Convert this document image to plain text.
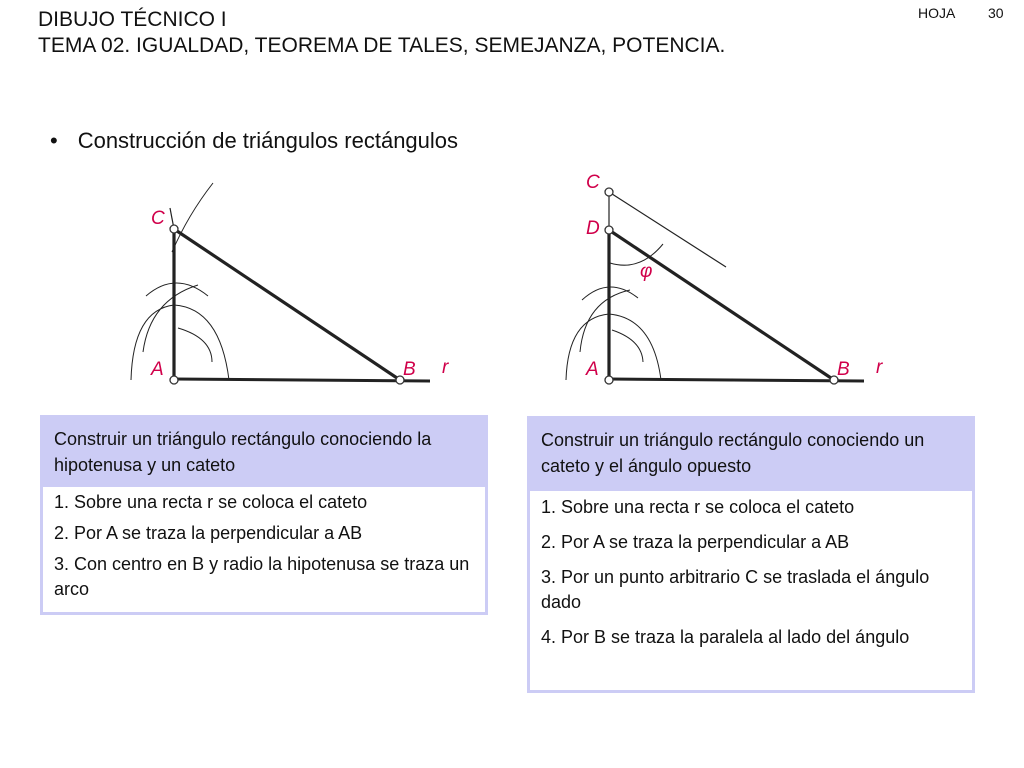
DIBUJO TÉCNICO I
TEMA 02. IGUALDAD, TEOREMA DE TALES, SEMEJANZA, POTENCIA.
HOJA 30
• Construcción de triángulos rectángulos
C
A	B r
C
D
φ
A	B r
Construir un triángulo rectángulo conociendo la hipotenusa y un cateto
1. Sobre una recta r se coloca el cateto
2. Por A se traza la perpendicular a AB
3. Con centro en B y radio la hipotenusa se traza un arco
Construir un triángulo rectángulo conociendo un cateto y el ángulo opuesto
1. Sobre una recta r se coloca el cateto
2. Por A se traza la perpendicular a AB
3. Por un punto arbitrario C se traslada el ángulo dado
4. Por B se traza la paralela al lado del ángulo
